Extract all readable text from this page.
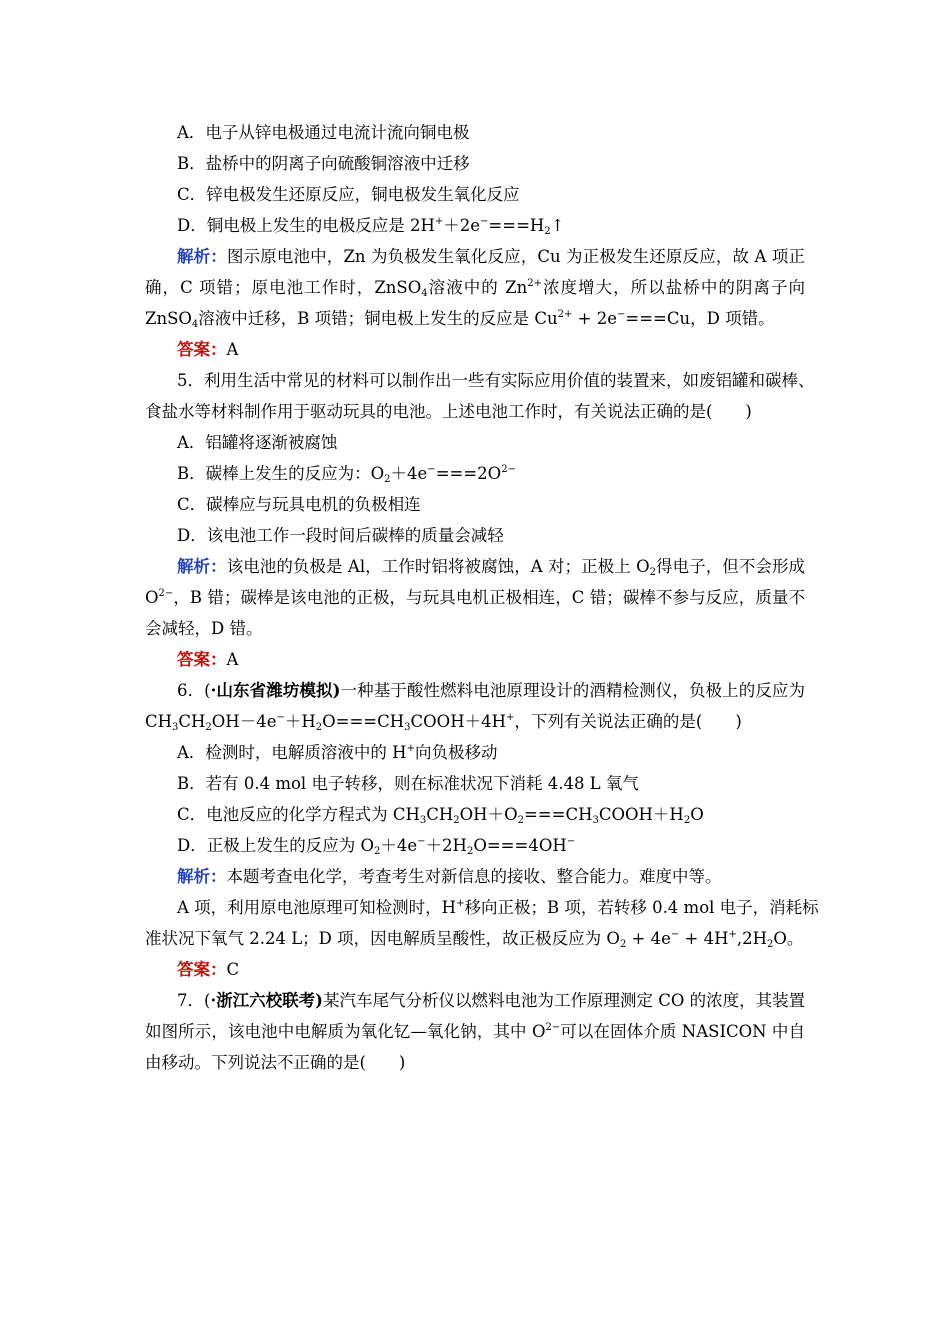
A．电子从锌电极通过电流计流向铜电极
B．盐桥中的阴离子向硫酸铜溶液中迁移
C．锌电极发生还原反应，铜电极发生氧化反应
D．铜电极上发生的电极反应是 $2H^++2e^-===H_2↑$
解析：图示原电池中，Zn 为负极发生氧化反应，Cu 为正极发生还原反应，故 A 项正
确，C 项错；原电池工作时，ZnSO$_4$溶液中的 $Zn^{2+}$浓度增大，所以盐桥中的阴离子向
ZnSO$_4$溶液中迁移，B 项错；铜电极上发生的反应是 $Cu^{2+} + 2e^-===Cu$，D 项错。
答案：A
5．利用生活中常见的材料可以制作出一些有实际应用价值的装置来，如废铝罐和碳棒、
食盐水等材料制作用于驱动玩具的电池。上述电池工作时，有关说法正确的是(　　)
A．铝罐将逐渐被腐蚀
B．碳棒上发生的反应为：$O_2+4e^-===2O^{2-}$
C．碳棒应与玩具电机的负极相连
D．该电池工作一段时间后碳棒的质量会减轻
解析：该电池的负极是 Al，工作时铝将被腐蚀，A 对；正极上 $O_2$得电子，但不会形成
$O^{2-}$，B 错；碳棒是该电池的正极，与玩具电机正极相连，C 错；碳棒不参与反应，质量不
会减轻，D 错。
答案：A
6．(·山东省潍坊模拟)一种基于酸性燃料电池原理设计的酒精检测仪，负极上的反应为
$CH_3CH_2OH-4e^-+H_2O===CH_3COOH+4H^+$，下列有关说法正确的是(　　)
A．检测时，电解质溶液中的 H+向负极移动
B．若有 0.4 mol 电子转移，则在标准状况下消耗 4.48 L 氧气
C．电池反应的化学方程式为 $CH_3CH_2OH+O_2===CH_3COOH+H_2O$
D．正极上发生的反应为 $O_2+4e^-+2H_2O===4OH^-$
解析：本题考查电化学，考查考生对新信息的接收、整合能力。难度中等。
A 项，利用原电池原理可知检测时，H+移向正极；B 项，若转移 0.4 mol 电子，消耗标
准状况下氧气 2.24 L；D 项，因电解质呈酸性，故正极反应为 $O_2 + 4e^- + 4H^+,2H_2O$。
答案：C
7．(·浙江六校联考)某汽车尾气分析仪以燃料电池为工作原理测定 CO 的浓度，其装置
如图所示，该电池中电解质为氧化钇—氧化钠，其中 $O^{2-}$可以在固体介质 NASICON 中自
由移动。下列说法不正确的是(　　)
